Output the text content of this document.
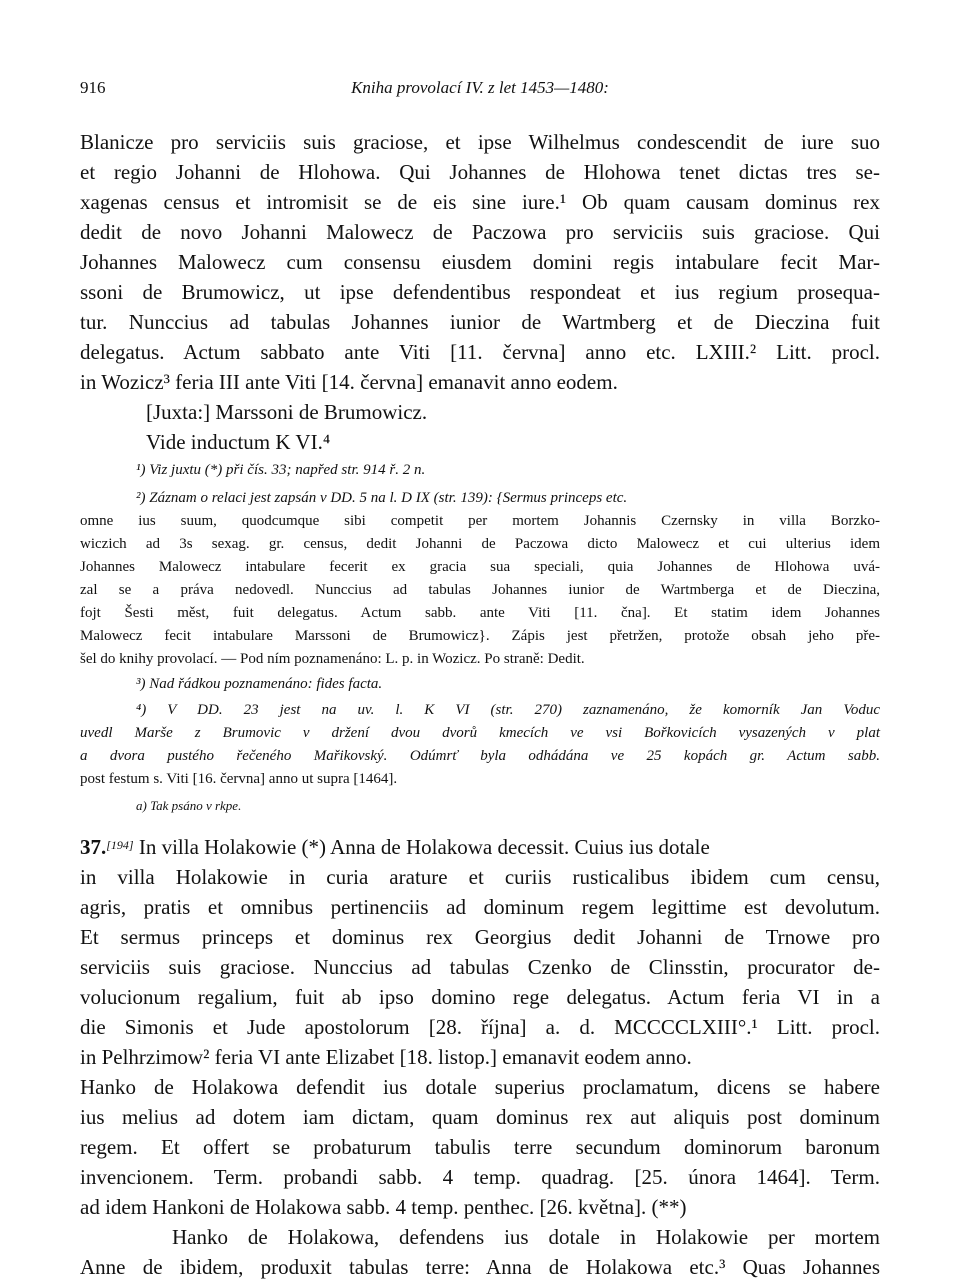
916	Kniha provolací IV. z let 1453—1480:
Blanicze pro serviciis suis graciose, et ipse Wilhelmus condescendit de iure suo
et regio Johanni de Hlohowa. Qui Johannes de Hlohowa tenet dictas tres se-
xagenas census et intromisit se de eis sine iure.¹ Ob quam causam dominus rex
dedit de novo Johanni Malowecz de Paczowa pro serviciis suis graciose. Qui
Johannes Malowecz cum consensu eiusdem domini regis intabulare fecit Mar-
ssoni de Brumowicz, ut ipse defendentibus respondeat et ius regium prosequa-
tur. Nunccius ad tabulas Johannes iunior de Wartmberg et de Dieczina fuit
delegatus. Actum sabbato ante Viti [11. června] anno etc. LXIII.² Litt. procl.
in Wozicz³ feria III ante Viti [14. června] emanavit anno eodem.
[Juxta:] Marssoni de Brumowicz.
Vide inductum K VI.⁴
¹) Viz juxtu (*) při čís. 33; napřed str. 914 ř. 2 n.
²) Záznam o relaci jest zapsán v DD. 5 na l. D IX (str. 139): {Sermus princeps etc.
omne ius suum, quodcumque sibi competit per mortem Johannis Czernsky in villa Borzko-
wiczich ad 3s sexag. gr. census, dedit Johanni de Paczowa dicto Malowecz et cui ulterius idem
Johannes Malowecz intabulare fecerit ex gracia sua speciali, quia Johannes de Hlohowa uvá-
zal se a práva nedovedl. Nunccius ad tabulas Johannes iunior de Wartmberga et de Dieczina,
fojt Šesti měst, fuit delegatus. Actum sabb. ante Viti [11. čna]. Et statim idem Johannes
Malowecz fecit intabulare Marssoni de Brumowicz}. Zápis jest přetržen, protože obsah jeho pře-
šel do knihy provolací. — Pod ním poznamenáno: L. p. in Wozicz. Po straně: Dedit.
³) Nad řádkou poznamenáno: fides facta.
⁴) V DD. 23 jest na uv. l. K VI (str. 270) zaznamenáno, že komorník Jan Voduc
uvedl Marše z Brumovic v držení dvou dvorů kmecích ve vsi Bořkovicích vysazených v plat
a dvora pustého řečeného Mařikovský. Odúmrť byla odhádána ve 25 kopách gr. Actum sabb.
post festum s. Viti [16. června] anno ut supra [1464].
a) Tak psáno v rkpe.
37.[194] In villa Holakowie (*) Anna de Holakowa decessit. Cuius ius dotale
in villa Holakowie in curia arature et curiis rusticalibus ibidem cum censu,
agris, pratis et omnibus pertinenciis ad dominum regem legittime est devolutum.
Et sermus princeps et dominus rex Georgius dedit Johanni de Trnowe pro
serviciis suis graciose. Nunccius ad tabulas Czenko de Clinsstin, procurator de-
volucionum regalium, fuit ab ipso domino rege delegatus. Actum feria VI in a
die Simonis et Jude apostolorum [28. října] a. d. MCCCCLXIII°.¹ Litt. procl.
in Pelhrzimow² feria VI ante Elizabet [18. listop.] emanavit eodem anno.
Hanko de Holakowa defendit ius dotale superius proclamatum, dicens se habere
ius melius ad dotem iam dictam, quam dominus rex aut aliquis post dominum
regem. Et offert se probaturum tabulis terre secundum dominorum baronum
invencionem. Term. probandi sabb. 4 temp. quadrag. [25. února 1464]. Term.
ad idem Hankoni de Holakowa sabb. 4 temp. penthec. [26. května]. (**)
Hanko de Holakowa, defendens ius dotale in Holakowie per mortem
Anne de ibidem, produxit tabulas terre: Anna de Holakowa etc.³ Quas Johannes
